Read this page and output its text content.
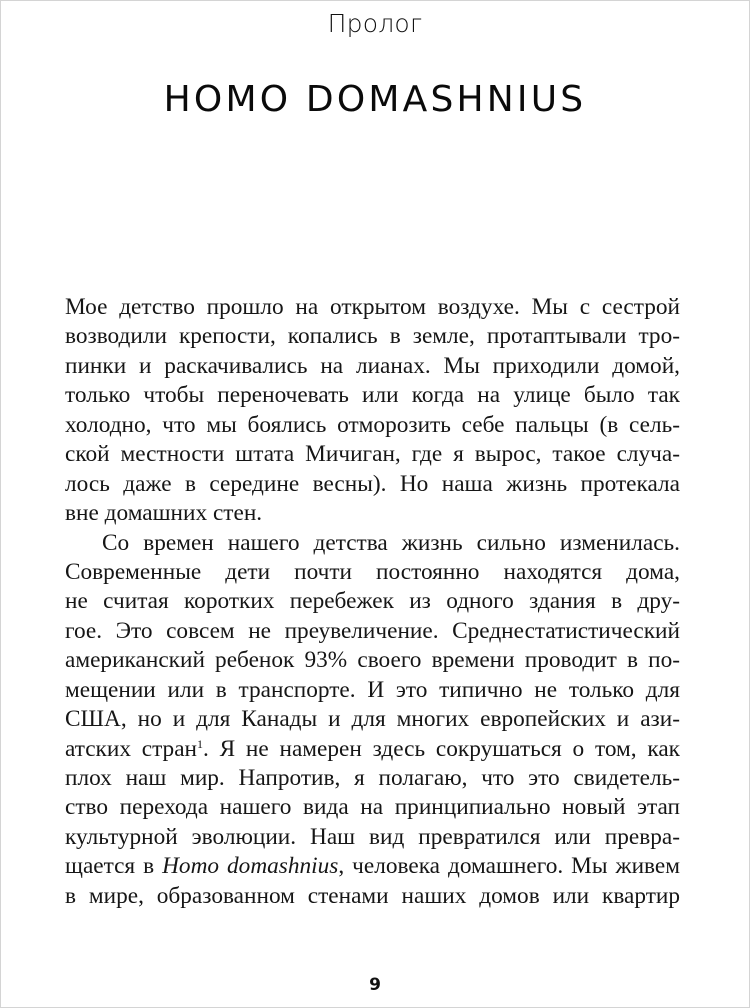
Пролог
HOMO DOMASHNIUS
Мое детство прошло на открытом воздухе. Мы с сестрой
возводили крепости, копались в земле, протаптывали тро-
пинки и раскачивались на лианах. Мы приходили домой,
только чтобы переночевать или когда на улице было так
холодно, что мы боялись отморозить себе пальцы (в сель-
ской местности штата Мичиган, где я вырос, такое случа-
лось даже в середине весны). Но наша жизнь протекала
вне домашних стен.
Со времен нашего детства жизнь сильно изменилась.
Современные дети почти постоянно находятся дома,
не считая коротких перебежек из одного здания в дру-
гое. Это совсем не преувеличение. Среднестатистический
американский ребенок 93% своего времени проводит в по-
мещении или в транспорте. И это типично не только для
США, но и для Канады и для многих европейских и ази-
атских стран$^1$. Я не намерен здесь сокрушаться о том, как
плох наш мир. Напротив, я полагаю, что это свидетель-
ство перехода нашего вида на принципиально новый этап
культурной эволюции. Наш вид превратился или превра-
щается в Homo domashnius, человека домашнего. Мы живем
в мире, образованном стенами наших домов или квартир
9
